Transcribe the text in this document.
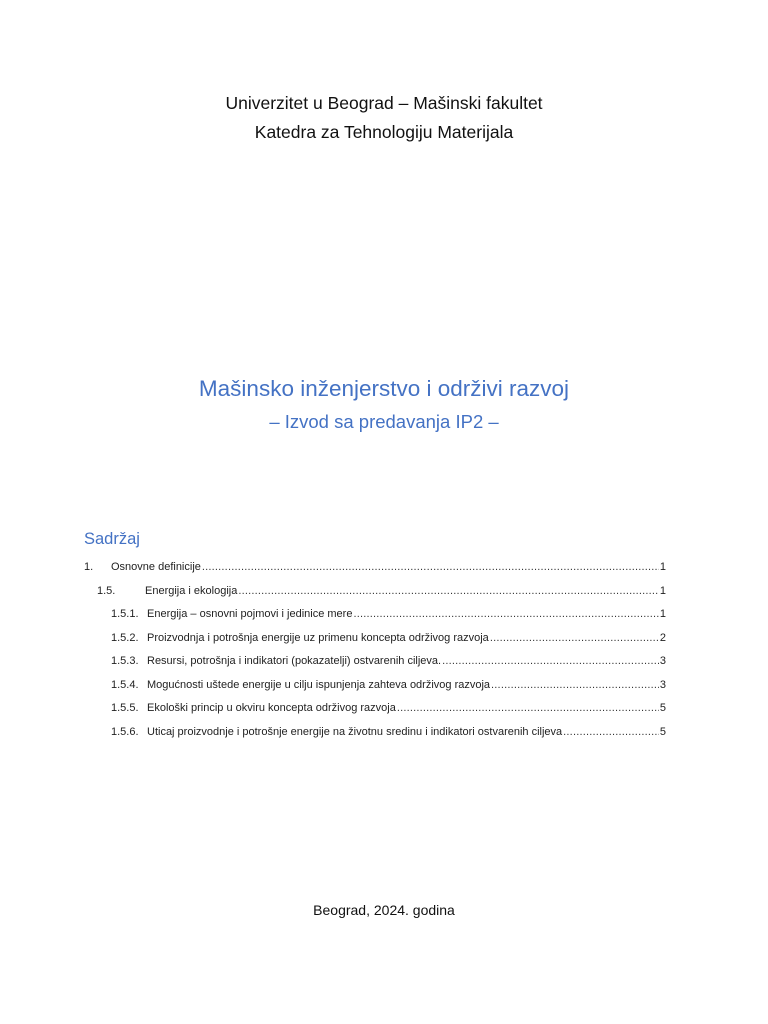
Univerzitet u Beograd – Mašinski fakultet
Katedra za Tehnologiju Materijala
Mašinsko inženjerstvo i održivi razvoj
– Izvod sa predavanja IP2 –
Sadržaj
1.	Osnovne definicije .....	1
1.5.	Energija i ekologija .....	1
1.5.1. Energija – osnovni pojmovi i jedinice mere .....	1
1.5.2. Proizvodnja i potrošnja energije uz primenu koncepta održivog razvoja .....	2
1.5.3. Resursi, potrošnja i indikatori (pokazatelji) ostvarenih ciljeva. .....	3
1.5.4. Mogućnosti uštede energije u cilju ispunjenja zahteva održivog razvoja .....	3
1.5.5. Ekološki princip u okviru koncepta održivog razvoja .....	5
1.5.6. Uticaj proizvodnje i potrošnje energije na životnu sredinu i indikatori ostvarenih ciljeva .....	5
Beograd, 2024. godina
